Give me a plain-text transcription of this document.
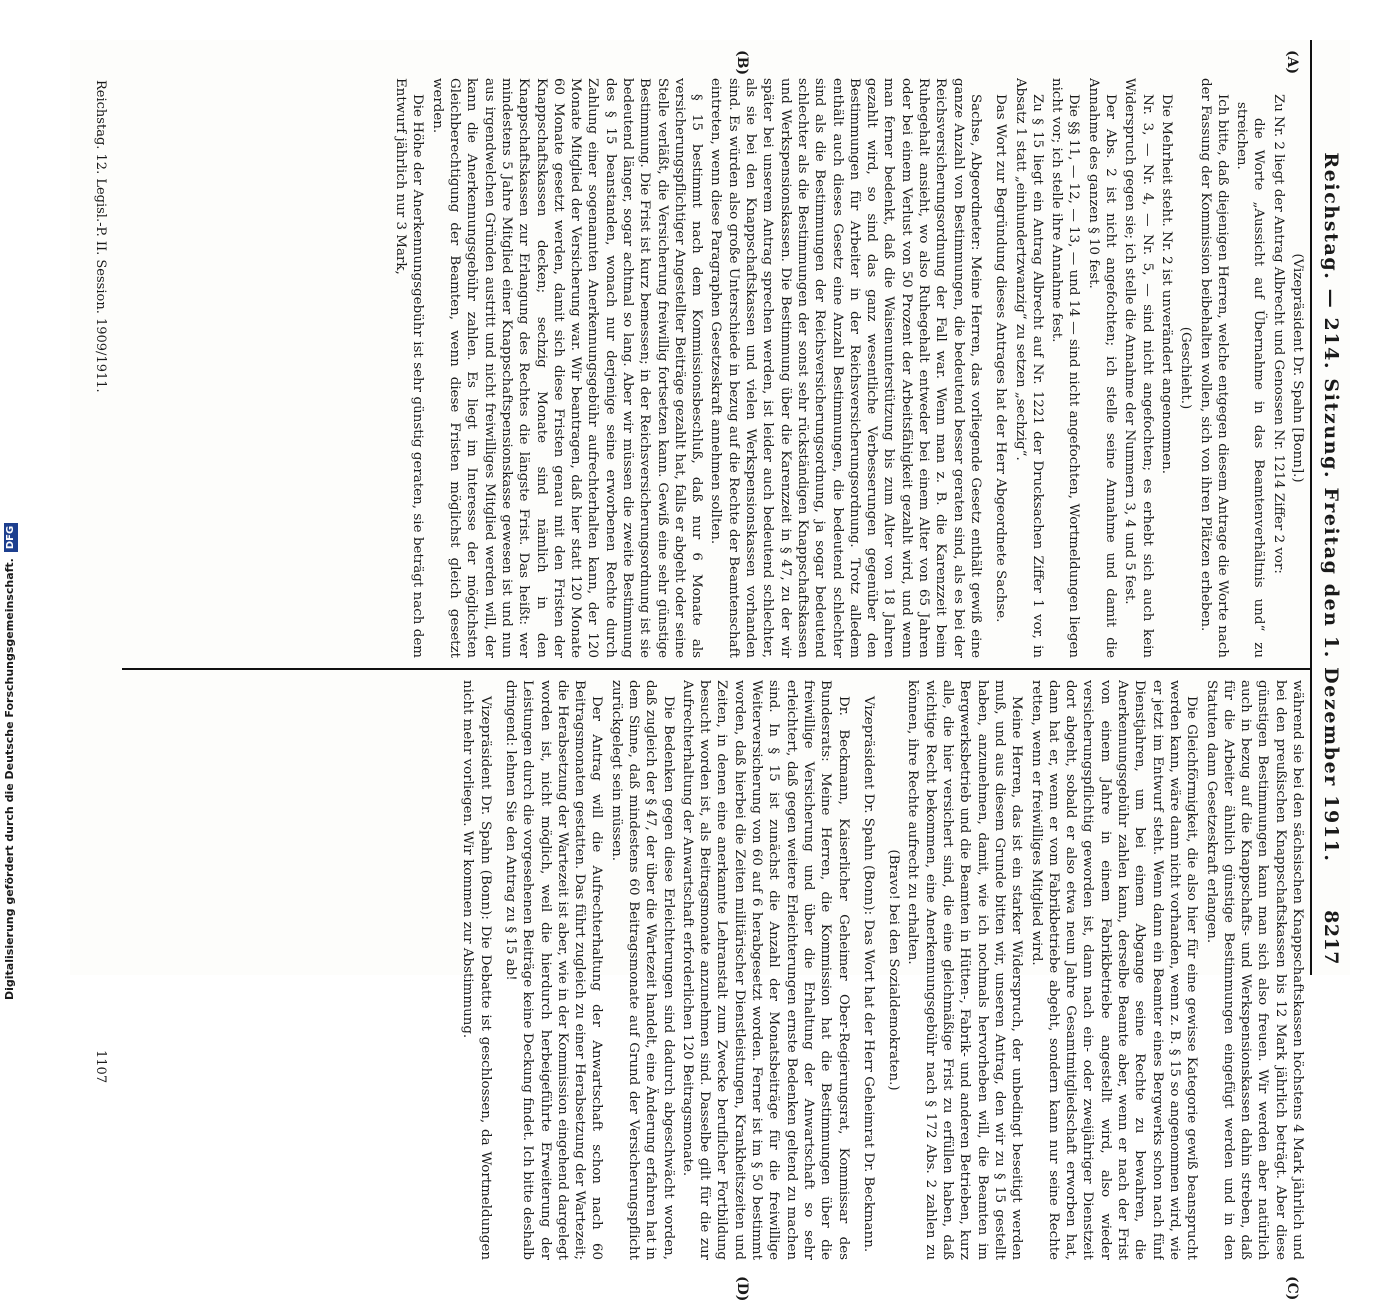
Reichstag. — 214. Sitzung. Freitag den 1. Dezember 1911.
8217
(A)
(B)
(C)
(D)

(Vizepräsident Dr. Spahn [Bonn].)

Zu Nr. 2 liegt der Antrag Albrecht und Genossen Nr. 1214 Ziffer 2 vor:

die Worte „Aussicht auf Übernahme in das Beamtenverhältnis und“ zu streichen.

Ich bitte, daß diejenigen Herren, welche entgegen diesem Antrage die Worte nach der Fassung der Kommission beibehalten wollen, sich von ihren Plätzen erheben.

(Geschieht.)

Die Mehrheit steht. Nr. 2 ist unverändert angenommen.

Nr. 3, — Nr. 4, — Nr. 5, — sind nicht angefochten; es erhebt sich auch kein Widerspruch gegen sie; ich stelle die Annahme der Nummern 3, 4 und 5 fest.

Der Abs. 2 ist nicht angefochten; ich stelle seine Annahme und damit die Annahme des ganzen § 10 fest.

Die §§ 11, — 12, — 13, — und 14 — sind nicht angefochten, Wortmeldungen liegen nicht vor; ich stelle ihre Annahme fest.

Zu § 15 liegt ein Antrag Albrecht auf Nr. 1221 der Drucksachen Ziffer 1 vor, in Absatz 1 statt „einhundertzwanzig“ zu setzen „sechzig“.

Das Wort zur Begründung dieses Antrages hat der Herr Abgeordnete Sachse.

Sachse, Abgeordneter: Meine Herren, das vorliegende Gesetz enthält gewiß eine ganze Anzahl von Bestimmungen, die bedeutend besser geraten sind, als es bei der Reichsversicherungsordnung der Fall war. Wenn man z. B. die Karenzzeit beim Ruhegehalt ansieht, wo also Ruhegehalt entweder bei einem Alter von 65 Jahren oder bei einem Verlust von 50 Prozent der Arbeitsfähigkeit gezahlt wird, und wenn man ferner bedenkt, daß die Waisenunterstützung bis zum Alter von 18 Jahren gezahlt wird, so sind das ganz wesentliche Verbesserungen gegenüber den Bestimmungen für Arbeiter in der Reichsversicherungsordnung. Trotz alledem enthält auch dieses Gesetz eine Anzahl Bestimmungen, die bedeutend schlechter sind als die Bestimmungen der Reichsversicherungsordnung, ja sogar bedeutend schlechter als die Bestimmungen der sonst sehr rückständigen Knappschaftskassen und Werkspensionskassen. Die Bestimmung über die Karenzzeit in § 47, zu der wir später bei unserem Antrag sprechen werden, ist leider auch bedeutend schlechter, als sie bei den Knappschaftskassen und vielen Werkspensionskassen vorhanden sind. Es würden also große Unterschiede in bezug auf die Rechte der Beamtenschaft eintreten, wenn diese Paragraphen Gesetzeskraft annehmen sollten.

§ 15 bestimmt nach dem Kommissionsbeschluß, daß nur 6 Monate als versicherungspflichtiger Angestellter Beiträge gezahlt hat, falls er abgeht oder seine Stelle verläßt, die Versicherung freiwillig fortsetzen kann. Gewiß eine sehr günstige Bestimmung. Die Frist ist kurz bemessen; in der Reichsversicherungsordnung ist sie bedeutend länger, sogar achtmal so lang. Aber wir müssen die zweite Bestimmung des § 15 beanstanden, wonach nur derjenige seine erworbenen Rechte durch Zahlung einer sogenannten Anerkennungsgebühr aufrechterhalten kann, der 120 Monate Mitglied der Versicherung war. Wir beantragen, daß hier statt 120 Monate 60 Monate gesetzt werden, damit sich diese Fristen genau mit den Fristen der Knappschaftskassen decken; sechzig Monate sind nämlich in den Knappschaftskassen zur Erlangung des Rechtes die längste Frist. Das heißt: wer mindestens 5 Jahre Mitglied einer Knappschaftspensionskasse gewesen ist und nun aus irgendwelchen Gründen austritt und nicht freiwilliges Mitglied werden will, der kann die Anerkennungsgebühr zahlen. Es liegt im Interesse der möglichsten Gleichberechtigung der Beamten, wenn diese Fristen möglichst gleich gesetzt werden.

Die Höhe der Anerkennungsgebühr ist sehr günstig geraten, sie beträgt nach dem Entwurf jährlich nur 3 Mark,

während sie bei den sächsischen Knappschaftskassen höchstens 4 Mark jährlich und bei den preußischen Knappschaftskassen bis 12 Mark jährlich beträgt. Aber diese günstigen Bestimmungen kann man sich also freuen. Wir werden aber natürlich auch in bezug auf die Knappschafts- und Werkspensionskassen dahin streben, daß für die Arbeiter ähnlich günstige Bestimmungen eingefügt werden und in den Statuten dann Gesetzeskraft erlangen.

Die Gleichförmigkeit, die also hier für eine gewisse Kategorie gewiß beansprucht werden kann, wäre dann nicht vorhanden, wenn z. B. § 15 so angenommen wird, wie er jetzt im Entwurf steht. Wenn dann ein Beamter eines Bergwerks schon nach fünf Dienstjahren, um bei einem Abgange seine Rechte zu bewahren, die Anerkennungsgebühr zahlen kann, derselbe Beamte aber, wenn er nach der Frist von einem Jahre in einem Fabrikbetriebe angestellt wird, also wieder versicherungspflichtig geworden ist, dann nach ein- oder zweijähriger Dienstzeit dort abgeht, sobald er also etwa neun Jahre Gesamtmitgliedschaft erworben hat, dann hat er, wenn er vom Fabrikbetriebe abgeht, sondern kann nur seine Rechte retten, wenn er freiwilliges Mitglied wird.

Meine Herren, das ist ein starker Widerspruch, der unbedingt beseitigt werden muß, und aus diesem Grunde bitten wir, unseren Antrag, den wir zu § 15 gestellt haben, anzunehmen, damit, wie ich nochmals hervorheben will, die Beamten im Bergwerksbetrieb und die Beamten in Hütten-, Fabrik- und anderen Betrieben, kurz alle, die hier versichert sind, die eine gleichmäßige Frist zu erfüllen haben, daß wichtige Recht bekommen, eine Anerkennungsgebühr nach § 172 Abs. 2 zahlen zu können, ihre Rechte aufrecht zu erhalten.

(Bravo! bei den Sozialdemokraten.)

Vizepräsident Dr. Spahn (Bonn): Das Wort hat der Herr Geheimrat Dr. Beckmann.

Dr. Beckmann, Kaiserlicher Geheimer Ober-Regierungsrat, Kommissar des Bundesrats: Meine Herren, die Kommission hat die Bestimmungen über die freiwillige Versicherung und über die Erhaltung der Anwartschaft so sehr erleichtert, daß gegen weitere Erleichterungen ernste Bedenken geltend zu machen sind. In § 15 ist zunächst die Anzahl der Monatsbeiträge für die freiwillige Weiterversicherung von 60 auf 6 herabgesetzt worden. Ferner ist im § 50 bestimmt worden, daß hierbei die Zeiten militärischer Dienstleistungen, Krankheitszeiten und Zeiten, in denen eine anerkannte Lehranstalt zum Zwecke beruflicher Fortbildung besucht worden ist, als Beitragsmonate anzunehmen sind. Dasselbe gilt für die zur Aufrechterhaltung der Anwartschaft erforderlichen 120 Beitragsmonate.

Die Bedenken gegen diese Erleichterungen sind dadurch abgeschwächt worden, daß zugleich der § 47, der über die Wartezeit handelt, eine Änderung erfahren hat in dem Sinne, daß mindestens 60 Beitragsmonate auf Grund der Versicherungspflicht zurückgelegt sein müssen.

Der Antrag will die Aufrechterhaltung der Anwartschaft schon nach 60 Beitragsmonaten gestatten. Das führt zugleich zu einer Herabsetzung der Wartezeit; die Herabsetzung der Wartezeit ist aber, wie in der Kommission eingehend dargelegt worden ist, nicht möglich, weil die hierdurch herbeigeführte Erweiterung der Leistungen durch die vorgesehenen Beiträge keine Deckung findet. Ich bitte deshalb dringend: lehnen Sie den Antrag zu § 15 ab!

Vizepräsident Dr. Spahn (Bonn): Die Debatte ist geschlossen, da Wortmeldungen nicht mehr vorliegen. Wir kommen zur Abstimmung.

Reichstag. 12. Legisl.-P. II. Session. 1909/1911.
1107
Digitalisierung gefördert durch die Deutsche Forschungsgemeinschaft.DFG
